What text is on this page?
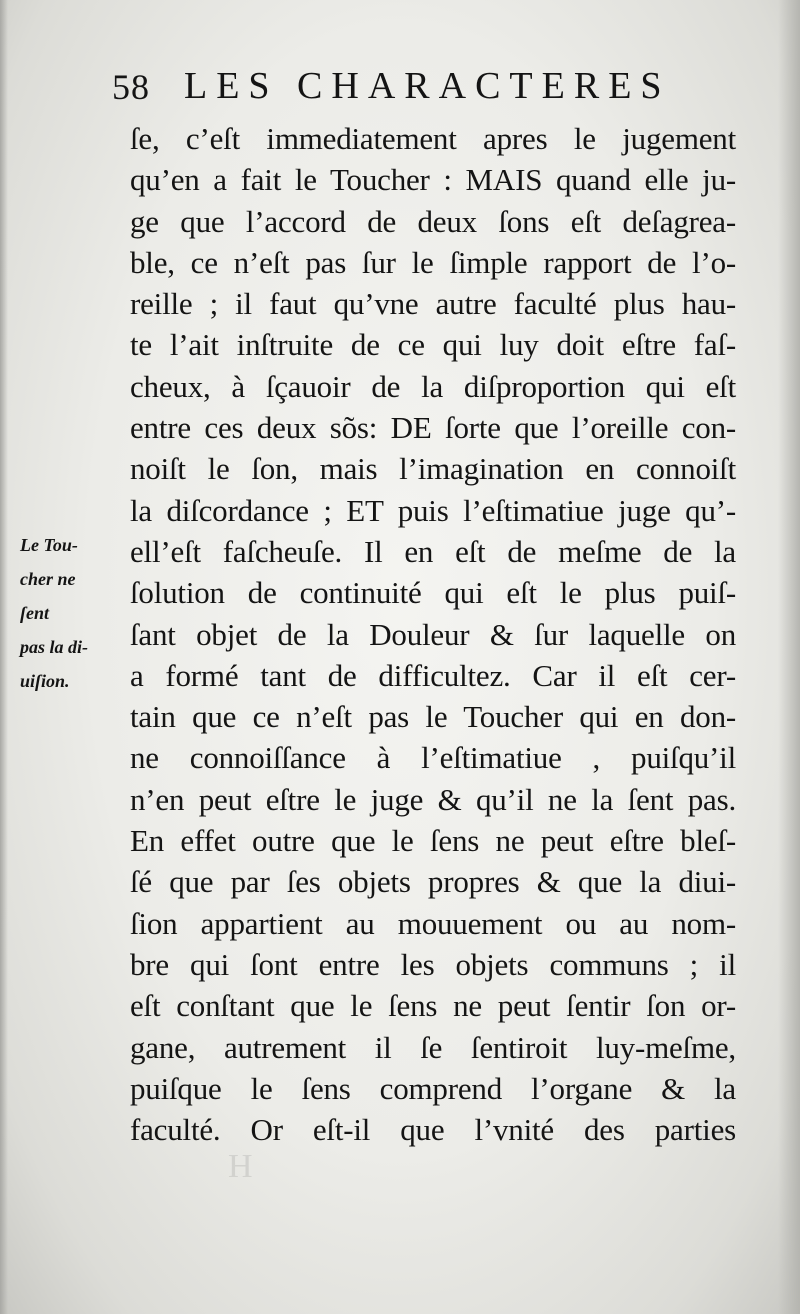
58 LES CHARACTERES
ſe, c’eſt immediatement apres le jugement
qu’en a fait le Toucher : MAIS quand elle ju-
ge que l’accord de deux ſons eſt deſagrea-
ble, ce n’eſt pas ſur le ſimple rapport de l’o-
reille ; il faut qu’vne autre faculté plus hau-
te l’ait inſtruite de ce qui luy doit eſtre faſ-
cheux, à ſçauoir de la diſproportion qui eſt
entre ces deux sõs: DE ſorte que l’oreille con-
noiſt le ſon, mais l’imagination en connoiſt
la diſcordance ; ET puis l’eſtimatiue juge qu’-
ell’eſt faſcheuſe. Il en eſt de meſme de la
ſolution de continuité qui eſt le plus puiſ-
ſant objet de la Douleur & ſur laquelle on
a formé tant de difficultez. Car il eſt cer-
tain que ce n’eſt pas le Toucher qui en don-
ne connoiſſance à l’eſtimatiue , puiſqu’il
n’en peut eſtre le juge & qu’il ne la ſent pas.
En effet outre que le ſens ne peut eſtre bleſ-
ſé que par ſes objets propres & que la diui-
ſion appartient au mouuement ou au nom-
bre qui ſont entre les objets communs ; il
eſt conſtant que le ſens ne peut ſentir ſon or-
gane, autrement il ſe ſentiroit luy-meſme,
puiſque le ſens comprend l’organe & la
faculté. Or eſt-il que l’vnité des parties
Le Tou-
cher ne
ſent
pas la di-
uiſion.
H
